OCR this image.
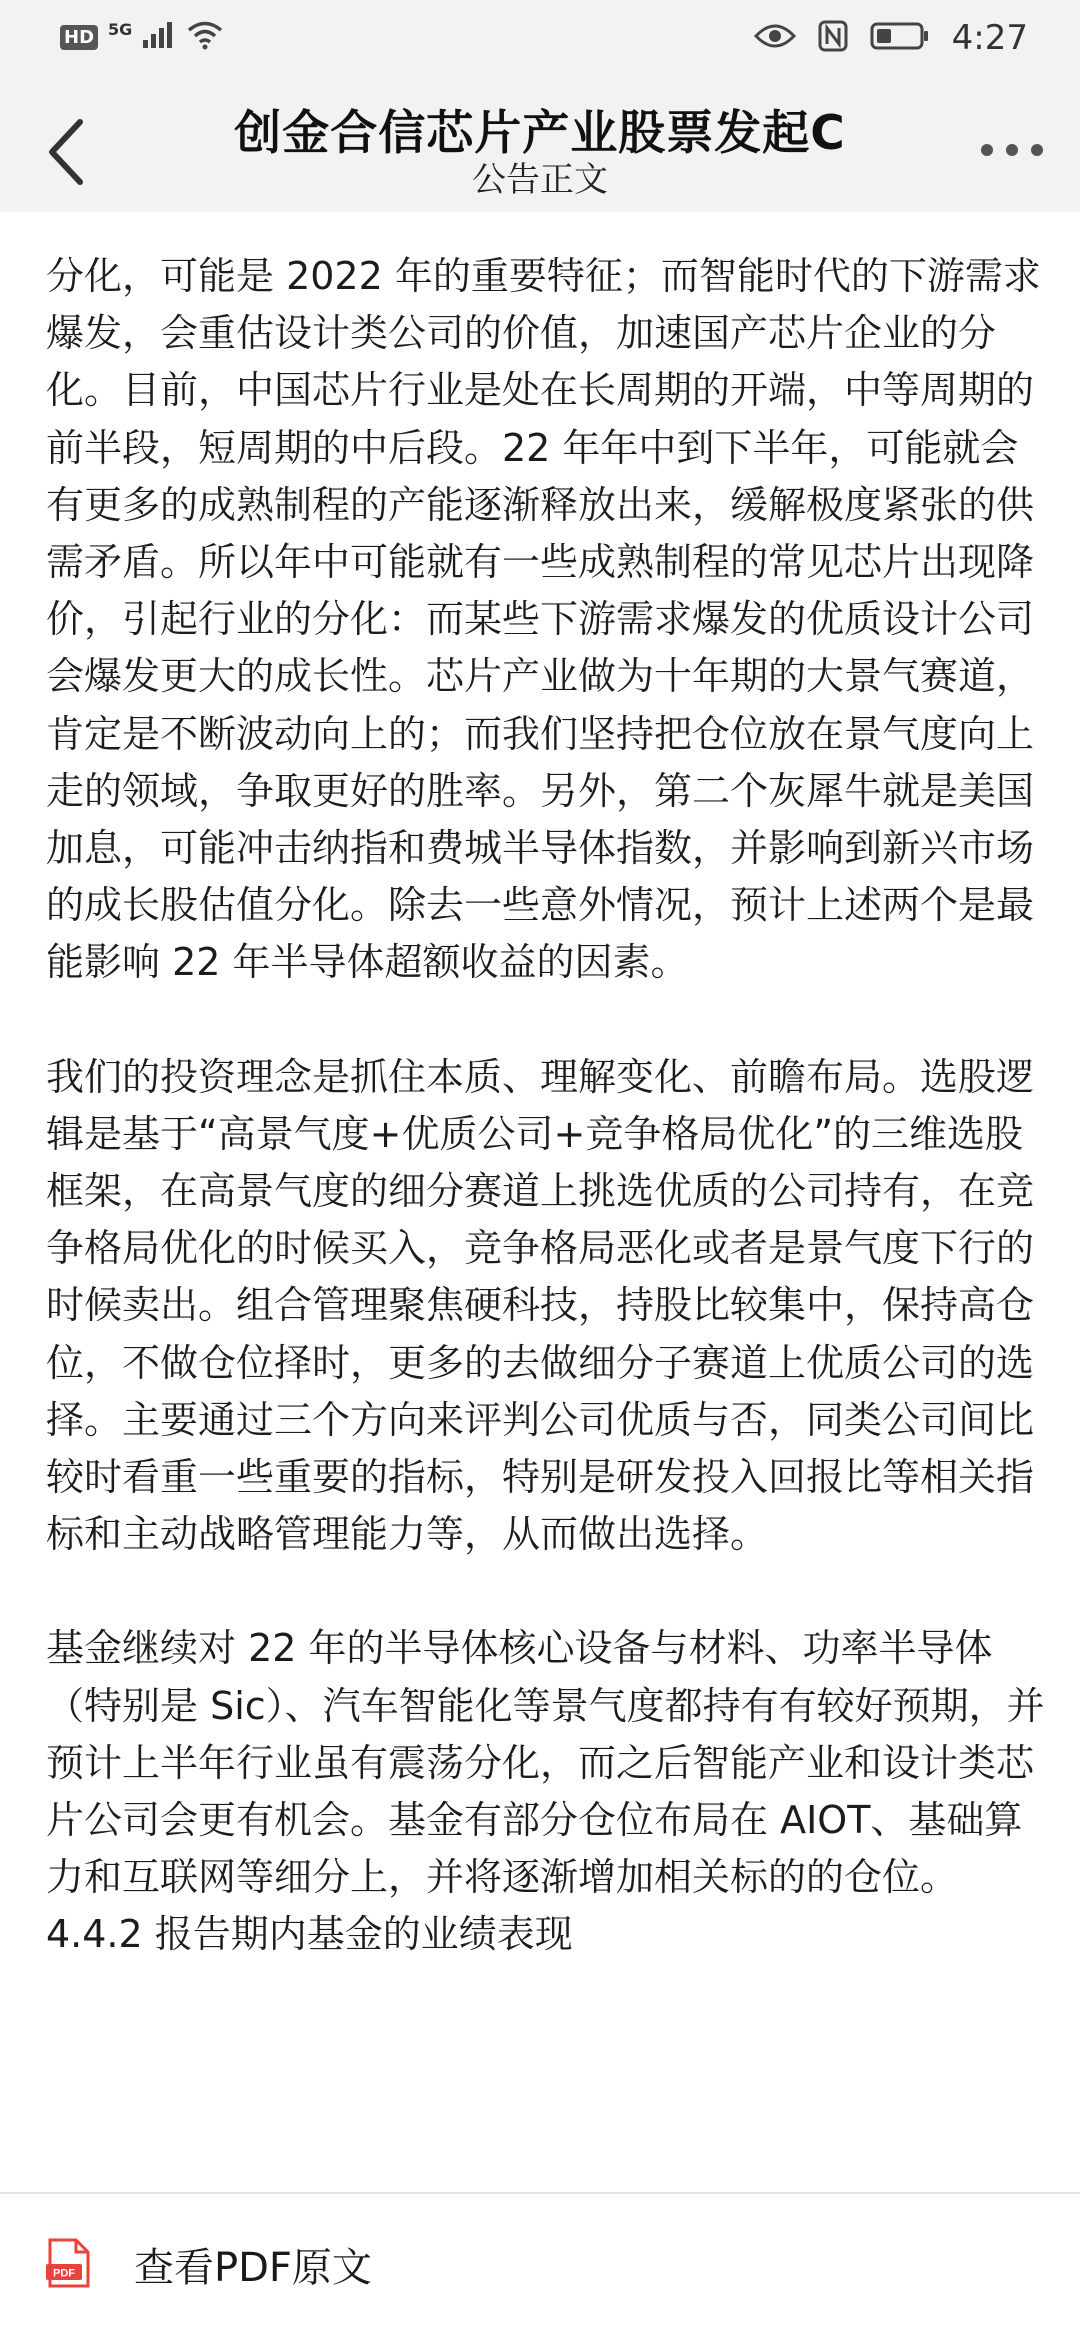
HD 5G	4:27
创金合信芯片产业股票发起C
公告正文

分化，可能是 2022 年的重要特征；而智能时代的下游需求爆发，会重估设计类公司的价值，加速国产芯片企业的分化。目前，中国芯片行业是处在长周期的开端，中等周期的前半段，短周期的中后段。22 年年中到下半年，可能就会有更多的成熟制程的产能逐渐释放出来，缓解极度紧张的供需矛盾。所以年中可能就有一些成熟制程的常见芯片出现降价，引起行业的分化：而某些下游需求爆发的优质设计公司会爆发更大的成长性。芯片产业做为十年期的大景气赛道，肯定是不断波动向上的；而我们坚持把仓位放在景气度向上走的领域，争取更好的胜率。另外，第二个灰犀牛就是美国加息，可能冲击纳指和费城半导体指数，并影响到新兴市场的成长股估值分化。除去一些意外情况，预计上述两个是最能影响 22 年半导体超额收益的因素。

我们的投资理念是抓住本质、理解变化、前瞻布局。选股逻辑是基于“高景气度+优质公司+竞争格局优化”的三维选股框架，在高景气度的细分赛道上挑选优质的公司持有，在竞争格局优化的时候买入，竞争格局恶化或者是景气度下行的时候卖出。组合管理聚焦硬科技，持股比较集中，保持高仓位，不做仓位择时，更多的去做细分子赛道上优质公司的选择。主要通过三个方向来评判公司优质与否，同类公司间比较时看重一些重要的指标，特别是研发投入回报比等相关指标和主动战略管理能力等，从而做出选择。

基金继续对 22 年的半导体核心设备与材料、功率半导体（特别是 Sic）、汽车智能化等景气度都持有有较好预期，并预计上半年行业虽有震荡分化，而之后智能产业和设计类芯片公司会更有机会。基金有部分仓位布局在 AIOT、基础算力和互联网等细分上，并将逐渐增加相关标的的仓位。

4.4.2 报告期内基金的业绩表现

PDF 查看PDF原文
